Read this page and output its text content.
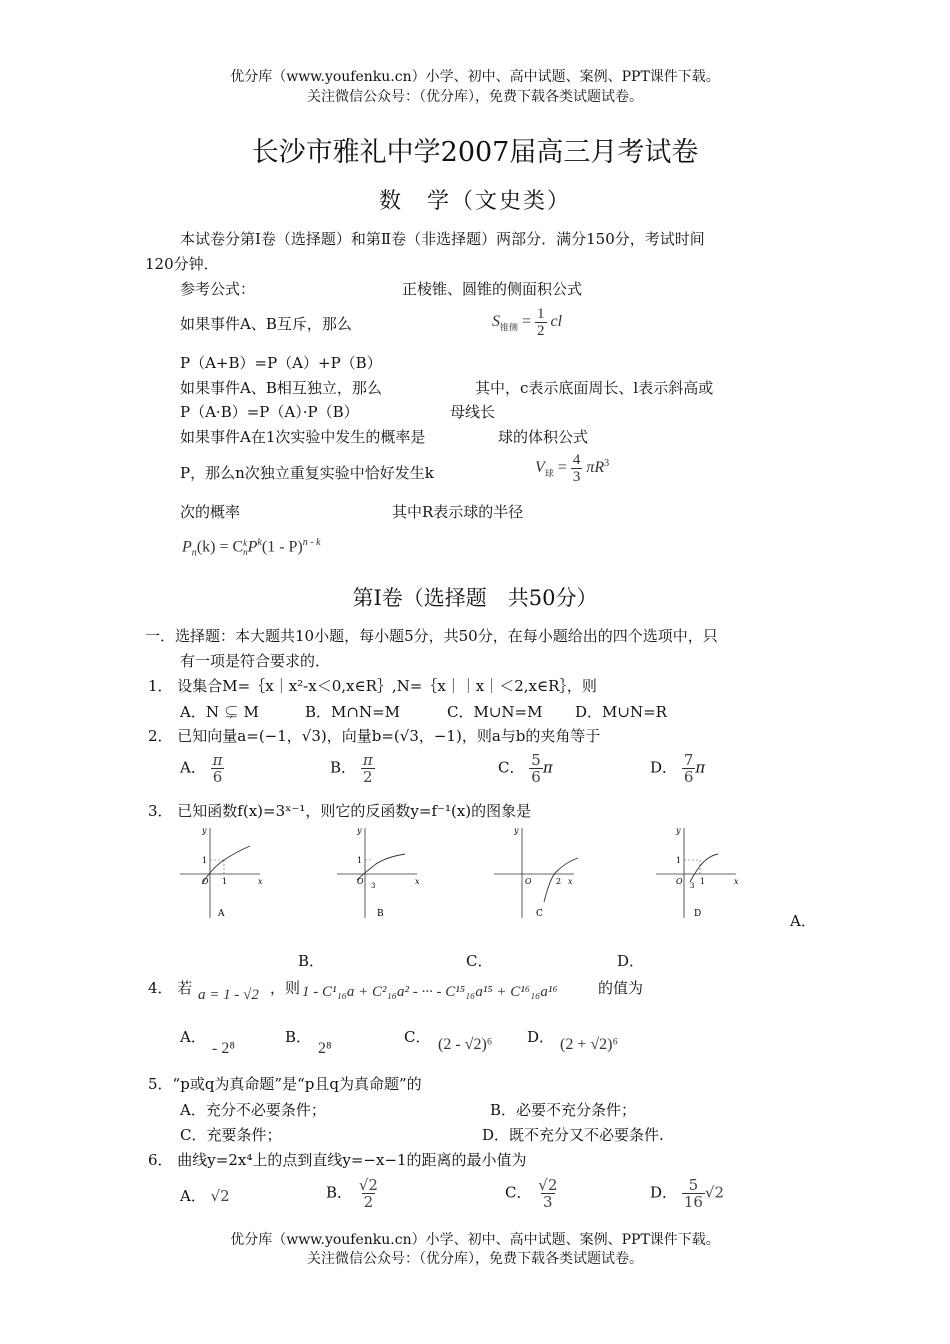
优分库（www.youfenku.cn）小学、初中、高中试题、案例、PPT课件下载。
关注微信公众号：（优分库），免费下载各类试题试卷。
长沙市雅礼中学2007届高三月考试卷
数　学（文史类）
本试卷分第Ⅰ卷（选择题）和第Ⅱ卷（非选择题）两部分．满分150分，考试时间
120分钟．
参考公式：	正棱锥、圆锥的侧面积公式
如果事件A、B互斥，那么	$S_{锥侧} = \frac{1}{2}$ cl
P（A+B）=P（A）+P（B）
如果事件A、B相互独立，那么	其中，c表示底面周长、l表示斜高或
P（A·B）=P（A）·P（B）	母线长
如果事件A在1次实验中发生的概率是	球的体积公式
P，那么n次独立重复实验中恰好发生k	$V_球 = \frac{4}{3} \pi R^3$
次的概率	其中R表示球的半径
$P_n(k) = C$ k
n $P^k(1 - P)^{n - k}$
第Ⅰ卷（选择题　共50分）
一．选择题：本大题共10小题，每小题5分，共50分，在每小题给出的四个选项中，只
有一项是符合要求的．
1． 设集合M=｛x｜x²-x＜0,x∈R｝,N=｛x｜｜x｜＜2,x∈R｝，则
A．N ⊊ M	B．M∩N=M	C．M∪N=M D．M∪N=R
2． 已知向量a=(−1，√3)，向量b=(√3，−1)，则a与b的夹角等于
A． $\frac{\pi}{6}$	B． $\frac{\pi}{2}$	C． $\frac{5}{6}$ π	D． $\frac{7}{6}$ π
3． 已知函数f(x)=3ˣ⁻¹，则它的反函数y=f⁻¹(x)的图象是
y
x
1
1
O
A
y
x
1
3
O
B
y
x
2
O
C
y
x
1
1
3
O
D	A．
B．	C．	D．
4． 若 a = 1 - √2 ，则 1 - C¹₁₆a + C²₁₆a² - ··· - C¹⁵₁₆a¹⁵ + C¹⁶₁₆a¹⁶	的值为
A．
- 2⁸
B．
2⁸
C． (2 - √2)⁶ D． (2 + √2)⁶
5．“p或q为真命题”是“p且q为真命题”的
A．充分不必要条件；	B．必要不充分条件；
C．充要条件；	D．既不充分又不必要条件.
6． 曲线y=2x⁴上的点到直线y=−x−1的距离的最小值为
A． √2	B． $\frac{√2}{2}$	C． $\frac{√2}{3}$	D． $\frac{5}{16} √2$
优分库（www.youfenku.cn）小学、初中、高中试题、案例、PPT课件下载。
关注微信公众号：（优分库），免费下载各类试题试卷。
